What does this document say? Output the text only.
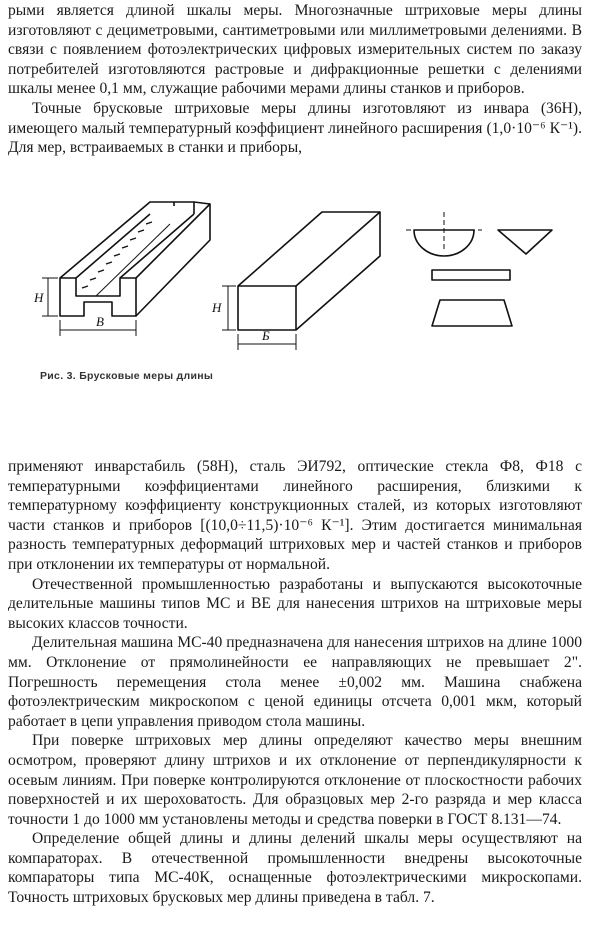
рыми является длиной шкалы меры. Многозначные штриховые меры длины изготовляют с дециметровыми, сантиметровыми или миллиметровыми делениями. В связи с появлением фотоэлектрических цифровых измерительных систем по заказу потребителей изготовляются растровые и дифракционные решетки с делениями шкалы менее 0,1 мм, служащие рабочими мерами длины станков и приборов.
Точные брусковые штриховые меры длины изготовляют из инвара (36Н), имеющего малый температурный коэффициент линейного расширения (1,0·10⁻⁶ К⁻¹). Для мер, встраиваемых в станки и приборы,
Н
В
Н
Б

Рис. 3. Брусковые меры длины

применяют инварстабиль (58Н), сталь ЭИ792, оптические стекла Ф8, Ф18 с температурными коэффициентами линейного расширения, близкими к температурному коэффициенту конструкционных сталей, из которых изготовляют части станков и приборов [(10,0÷11,5)·10⁻⁶ К⁻¹]. Этим достигается минимальная разность температурных деформаций штриховых мер и частей станков и приборов при отклонении их температуры от нормальной.
Отечественной промышленностью разработаны и выпускаются высокоточные делительные машины типов МС и ВЕ для нанесения штрихов на штриховые меры высоких классов точности.
Делительная машина МС-40 предназначена для нанесения штрихов на длине 1000 мм. Отклонение от прямолинейности ее направляющих не превышает 2". Погрешность перемещения стола менее ±0,002 мм. Машина снабжена фотоэлектрическим микроскопом с ценой единицы отсчета 0,001 мкм, который работает в цепи управления приводом стола машины.
При поверке штриховых мер длины определяют качество меры внешним осмотром, проверяют длину штрихов и их отклонение от перпендикулярности к осевым линиям. При поверке контролируются отклонение от плоскостности рабочих поверхностей и их шероховатость. Для образцовых мер 2-го разряда и мер класса точности 1 до 1000 мм установлены методы и средства поверки в ГОСТ 8.131—74.
Определение общей длины и длины делений шкалы меры осуществляют на компараторах. В отечественной промышленности внедрены высокоточные компараторы типа МС-40К, оснащенные фотоэлектрическими микроскопами. Точность штриховых брусковых мер длины приведена в табл. 7.
